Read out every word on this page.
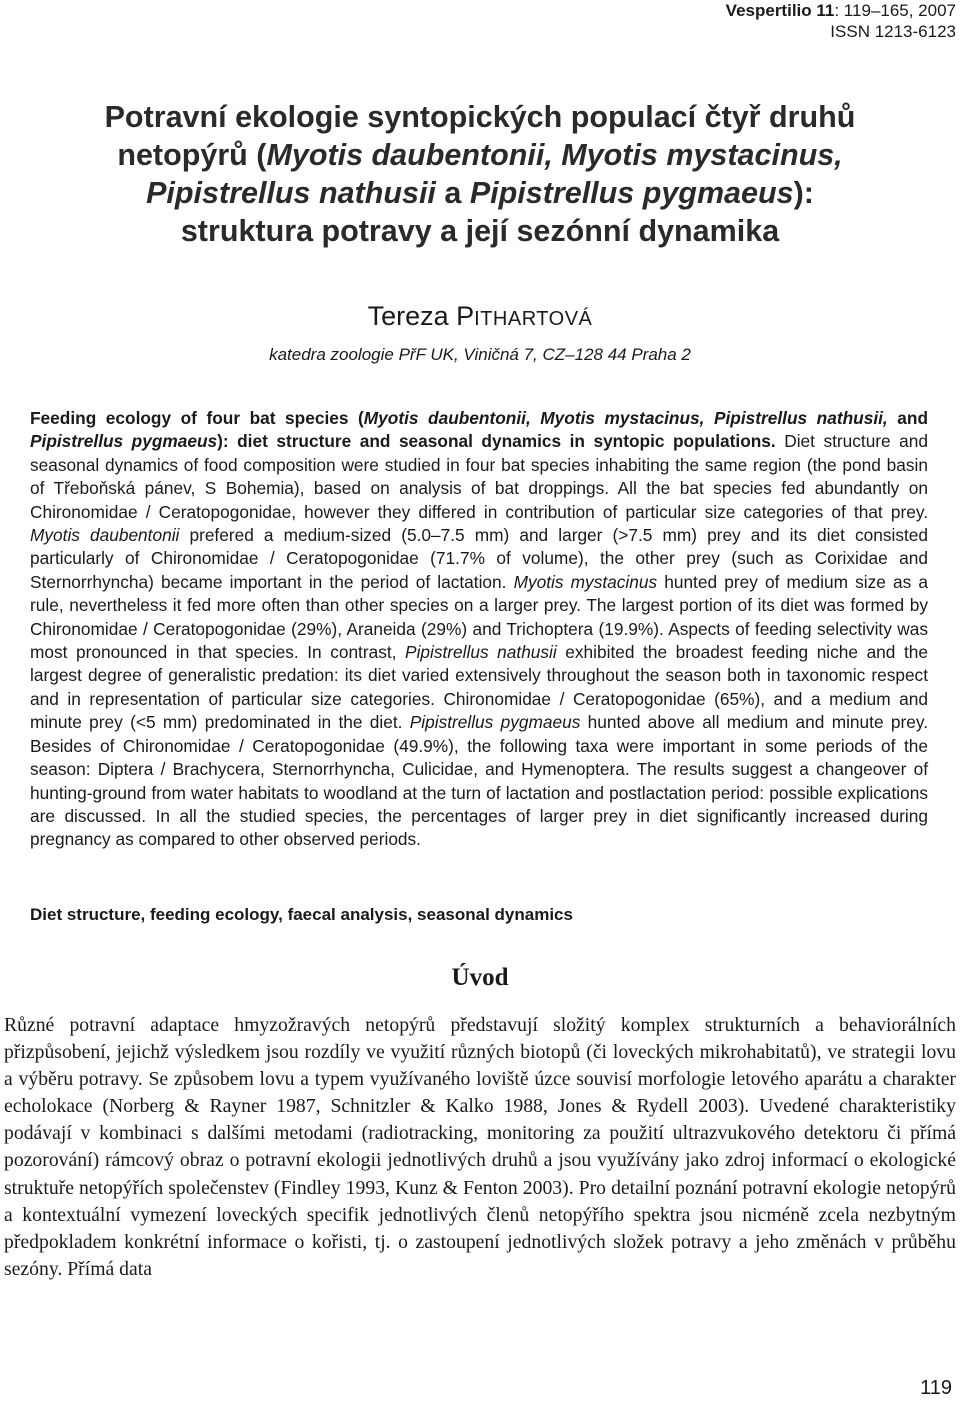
Vespertilio 11: 119–165, 2007
ISSN 1213-6123
Potravní ekologie syntopických populací čtyř druhů
netopýrů (Myotis daubentonii, Myotis mystacinus,
Pipistrellus nathusii a Pipistrellus pygmaeus):
struktura potravy a její sezónní dynamika
Tereza PITHARTOVÁ
katedra zoologie PřF UK, Viničná 7, CZ–128 44 Praha 2

Feeding ecology of four bat species (Myotis daubentonii, Myotis mystacinus, Pipistrellus nathusii, and Pipistrellus pygmaeus): diet structure and seasonal dynamics in syntopic populations. Diet structure and seasonal dynamics of food composition were studied in four bat species inhabiting the same region (the pond basin of Třeboňská pánev, S Bohemia), based on analysis of bat droppings. All the bat species fed abundantly on Chironomidae / Ceratopogonidae, however they differed in contribution of particular size categories of that prey. Myotis daubentonii prefered a medium-sized (5.0–7.5 mm) and larger (>7.5 mm) prey and its diet consisted particularly of Chironomidae / Ceratopogonidae (71.7% of volume), the other prey (such as Corixidae and Sternorrhyncha) became important in the period of lactation. Myotis mystacinus hunted prey of medium size as a rule, nevertheless it fed more often than other species on a larger prey. The largest portion of its diet was formed by Chironomidae / Ceratopogonidae (29%), Araneida (29%) and Trichoptera (19.9%). Aspects of feeding selectivity was most pronounced in that species. In contrast, Pipistrellus nathusii exhibited the broadest feeding niche and the largest degree of generalistic predation: its diet varied extensively throughout the season both in taxonomic respect and in representation of particular size categories. Chironomidae / Ceratopogonidae (65%), and a medium and minute prey (<5 mm) predominated in the diet. Pipistrellus pygmaeus hunted above all medium and minute prey. Besides of Chironomidae / Ceratopogonidae (49.9%), the following taxa were important in some periods of the season: Diptera / Brachycera, Sternorrhyncha, Culicidae, and Hymenoptera. The results suggest a changeover of hunting-ground from water habitats to woodland at the turn of lactation and postlactation period: possible explications are discussed. In all the studied species, the percentages of larger prey in diet significantly increased during pregnancy as compared to other observed periods.

Diet structure, feeding ecology, faecal analysis, seasonal dynamics
Úvod

Různé potravní adaptace hmyzožravých netopýrů představují složitý komplex strukturních a behaviorálních přizpůsobení, jejichž výsledkem jsou rozdíly ve využití různých biotopů (či loveckých mikrohabitatů), ve strategii lovu a výběru potravy. Se způsobem lovu a typem využívaného loviště úzce souvisí morfologie letového aparátu a charakter echolokace (Norberg & Rayner 1987, Schnitzler & Kalko 1988, Jones & Rydell 2003). Uvedené charakteristiky podávají v kombinaci s dalšími metodami (radiotracking, monitoring za použití ultrazvukového detektoru či přímá pozorování) rámcový obraz o potravní ekologii jednotlivých druhů a jsou využívány jako zdroj informací o ekologické struktuře netopýřích společenstev (Findley 1993, Kunz & Fenton 2003). Pro detailní poznání potravní ekologie netopýrů a kontextuální vymezení loveckých specifik jednotlivých členů netopýřího spektra jsou nicméně zcela nezbytným předpokladem konkrétní informace o kořisti, tj. o zastoupení jednotlivých složek potravy a jeho změnách v průběhu sezóny. Přímá data

119
